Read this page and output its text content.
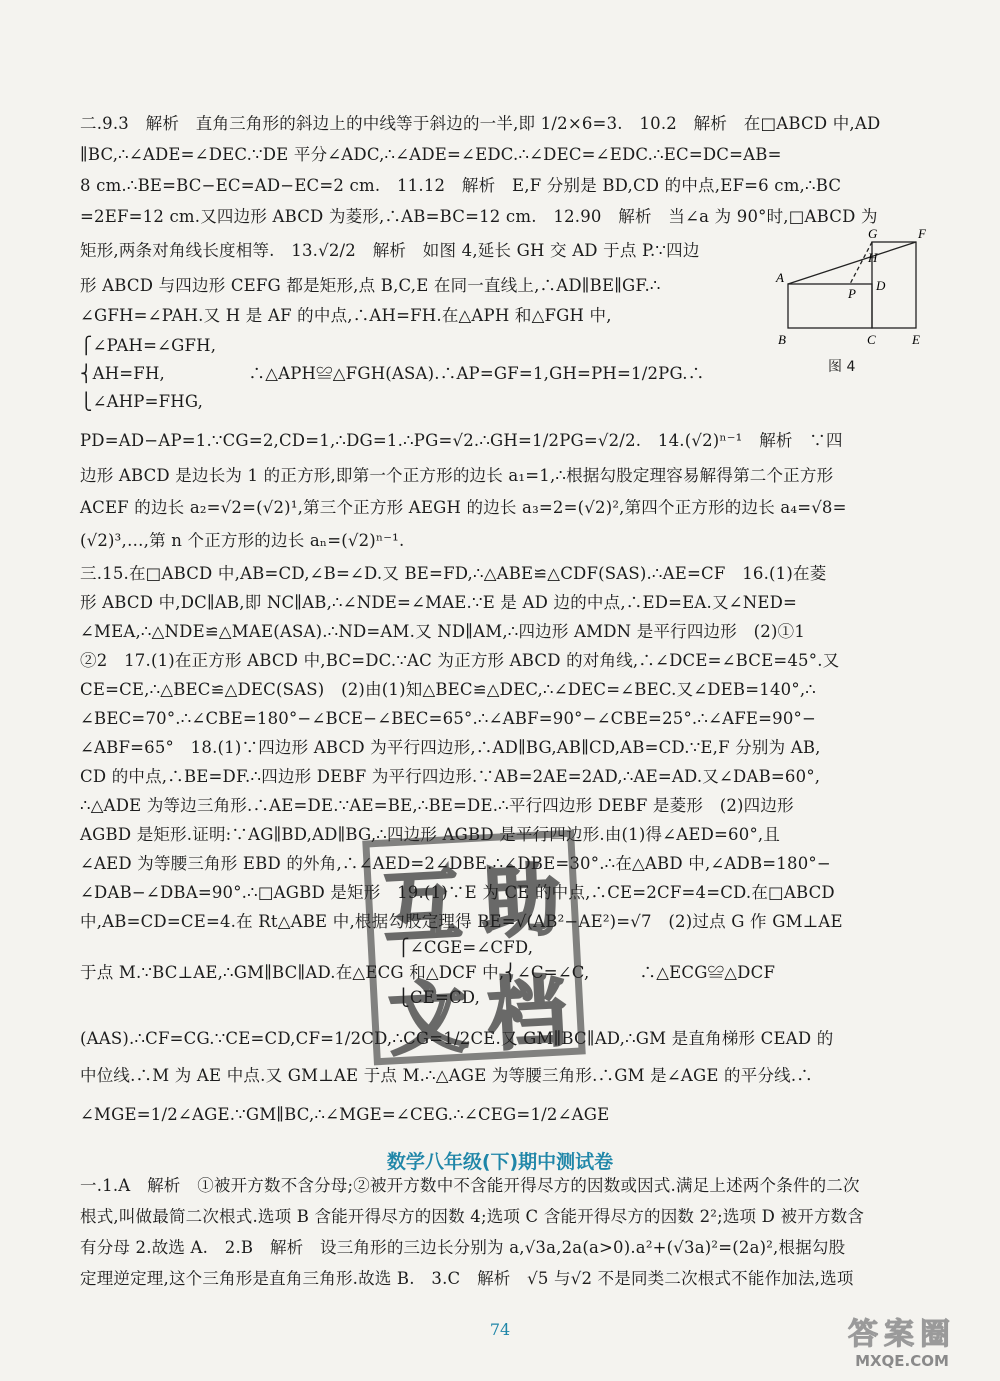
二.9.3　解析　直角三角形的斜边上的中线等于斜边的一半,即 1/2×6=3.　10.2　解析　在□ABCD 中,AD
∥BC,∴∠ADE=∠DEC.∵DE 平分∠ADC,∴∠ADE=∠EDC.∴∠DEC=∠EDC.∴EC=DC=AB=
8 cm.∴BE=BC−EC=AD−EC=2 cm.　11.12　解析　E,F 分别是 BD,CD 的中点,EF=6 cm,∴BC
=2EF=12 cm.又四边形 ABCD 为菱形,∴AB=BC=12 cm.　12.90　解析　当∠a 为 90°时,□ABCD 为
矩形,两条对角线长度相等.　13.√2/2　解析　如图 4,延长 GH 交 AD 于点 P.∵四边
形 ABCD 与四边形 CEFG 都是矩形,点 B,C,E 在同一直线上,∴AD∥BE∥GF.∴
∠GFH=∠PAH.又 H 是 AF 的中点,∴AH=FH.在△APH 和△FGH 中,
⎧∠PAH=∠GFH,
⎨AH=FH,　　　　　∴△APH≌△FGH(ASA).∴AP=GF=1,GH=PH=1/2PG.∴
⎩∠AHP=FHG,
PD=AD−AP=1.∵CG=2,CD=1,∴DG=1.∴PG=√2.∴GH=1/2PG=√2/2.　14.(√2)ⁿ⁻¹　解析　∵四
边形 ABCD 是边长为 1 的正方形,即第一个正方形的边长 a₁=1,∴根据勾股定理容易解得第二个正方形
ACEF 的边长 a₂=√2=(√2)¹,第三个正方形 AEGH 的边长 a₃=2=(√2)²,第四个正方形的边长 a₄=√8=
(√2)³,…,第 n 个正方形的边长 aₙ=(√2)ⁿ⁻¹.
三.15.在□ABCD 中,AB=CD,∠B=∠D.又 BE=FD,∴△ABE≌△CDF(SAS).∴AE=CF　16.(1)在菱
形 ABCD 中,DC∥AB,即 NC∥AB,∴∠NDE=∠MAE.∵E 是 AD 边的中点,∴ED=EA.又∠NED=
∠MEA,∴△NDE≌△MAE(ASA).∴ND=AM.又 ND∥AM,∴四边形 AMDN 是平行四边形　(2)①1
②2　17.(1)在正方形 ABCD 中,BC=DC.∵AC 为正方形 ABCD 的对角线,∴∠DCE=∠BCE=45°.又
CE=CE,∴△BEC≌△DEC(SAS)　(2)由(1)知△BEC≌△DEC,∴∠DEC=∠BEC.又∠DEB=140°,∴
∠BEC=70°.∴∠CBE=180°−∠BCE−∠BEC=65°.∴∠ABF=90°−∠CBE=25°.∴∠AFE=90°−
∠ABF=65°　18.(1)∵四边形 ABCD 为平行四边形,∴AD∥BG,AB∥CD,AB=CD.∵E,F 分别为 AB,
CD 的中点,∴BE=DF.∴四边形 DEBF 为平行四边形.∵AB=2AE=2AD,∴AE=AD.又∠DAB=60°,
∴△ADE 为等边三角形.∴AE=DE.∵AE=BE,∴BE=DE.∴平行四边形 DEBF 是菱形　(2)四边形
AGBD 是矩形.证明:∵AG∥BD,AD∥BG,∴四边形 AGBD 是平行四边形.由(1)得∠AED=60°,且
∠AED 为等腰三角形 EBD 的外角,∴∠AED=2∠DBE.∴∠DBE=30°.∴在△ABD 中,∠ADB=180°−
∠DAB−∠DBA=90°.∴□AGBD 是矩形　19.(1)∵E 为 CE 的中点,∴CE=2CF=4=CD.在□ABCD
中,AB=CD=CE=4.在 Rt△ABE 中,根据勾股定理得 BE=√(AB²−AE²)=√7　(2)过点 G 作 GM⊥AE
　　　　　　　　　　　　　　　　　　　⎧∠CGE=∠CFD,
于点 M.∵BC⊥AE,∴GM∥BC∥AD.在△ECG 和△DCF 中,⎨∠C=∠C,　　　∴△ECG≌△DCF
　　　　　　　　　　　　　　　　　　　⎩CE=CD,
(AAS).∴CF=CG.∵CE=CD,CF=1/2CD,∴CG=1/2CE.又 GM∥BC∥AD,∴GM 是直角梯形 CEAD 的
中位线.∴M 为 AE 中点.又 GM⊥AE 于点 M.∴△AGE 为等腰三角形.∴GM 是∠AGE 的平分线.∴
∠MGE=1/2∠AGE.∵GM∥BC,∴∠MGE=∠CEG.∴∠CEG=1/2∠AGE
G	F
H
A
P
D
B	C	E
图 4
互 助
文 档
数学八年级(下)期中测试卷
一.1.A　解析　①被开方数不含分母;②被开方数中不含能开得尽方的因数或因式.满足上述两个条件的二次
根式,叫做最简二次根式.选项 B 含能开得尽方的因数 4;选项 C 含能开得尽方的因数 2²;选项 D 被开方数含
有分母 2.故选 A.　2.B　解析　设三角形的三边长分别为 a,√3a,2a(a>0).a²+(√3a)²=(2a)²,根据勾股
定理逆定理,这个三角形是直角三角形.故选 B.　3.C　解析　√5 与√2 不是同类二次根式不能作加法,选项
74	答案圈
MXQE.COM
